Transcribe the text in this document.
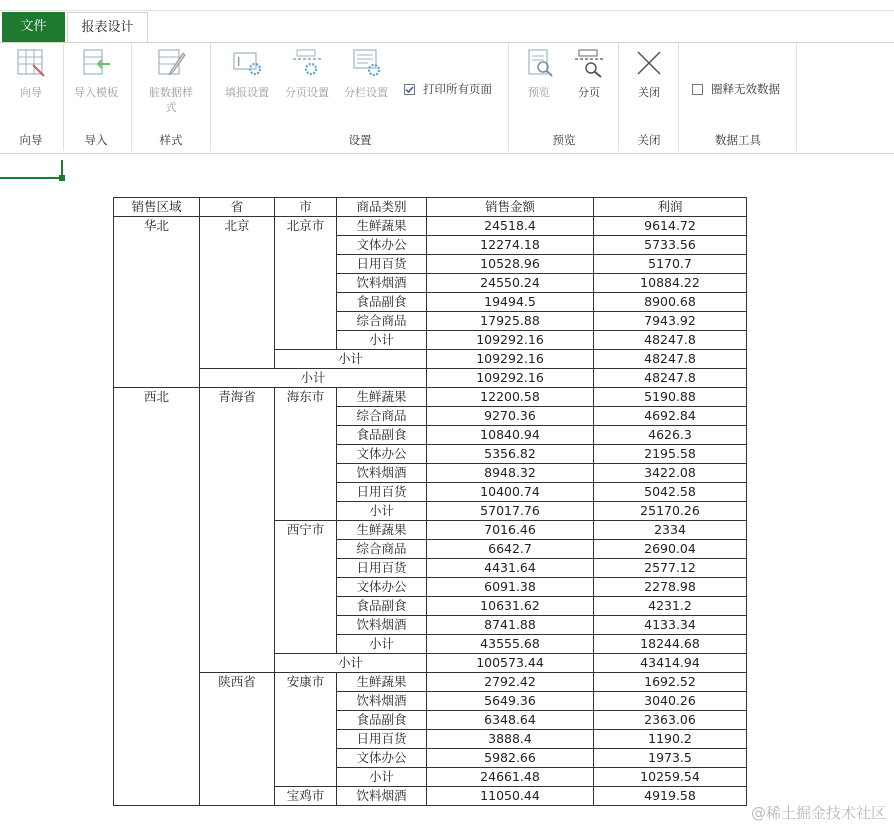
文件	报表设计
向导
向导
导入模板
导入
脏数据样式
样式
I
填报设置	分页设置	分栏设置	打印所有页面
设置
预览	分页
预览
关闭
关闭
圈释无效数据
数据工具
销售区域	省	市	商品类别	销售金额	利润
华北	北京	北京市	生鲜蔬果	24518.4	9614.72
			文体办公	12274.18	5733.56
			日用百货	10528.96	5170.7
			饮料烟酒	24550.24	10884.22
			食品副食	19494.5	8900.68
			综合商品	17925.88	7943.92
			小计	109292.16	48247.8
		小计		109292.16	48247.8
	小计			109292.16	48247.8
西北	青海省	海东市	生鲜蔬果	12200.58	5190.88
			综合商品	9270.36	4692.84
			食品副食	10840.94	4626.3
			文体办公	5356.82	2195.58
			饮料烟酒	8948.32	3422.08
			日用百货	10400.74	5042.58
			小计	57017.76	25170.26
		西宁市	生鲜蔬果	7016.46	2334
			综合商品	6642.7	2690.04
			日用百货	4431.64	2577.12
			文体办公	6091.38	2278.98
			食品副食	10631.62	4231.2
			饮料烟酒	8741.88	4133.34
			小计	43555.68	18244.68
		小计		100573.44	43414.94
	陕西省	安康市	生鲜蔬果	2792.42	1692.52
			饮料烟酒	5649.36	3040.26
			食品副食	6348.64	2363.06
			日用百货	3888.4	1190.2
			文体办公	5982.66	1973.5
			小计	24661.48	10259.54
		宝鸡市	饮料烟酒	11050.44	4919.58
@稀土掘金技术社区
